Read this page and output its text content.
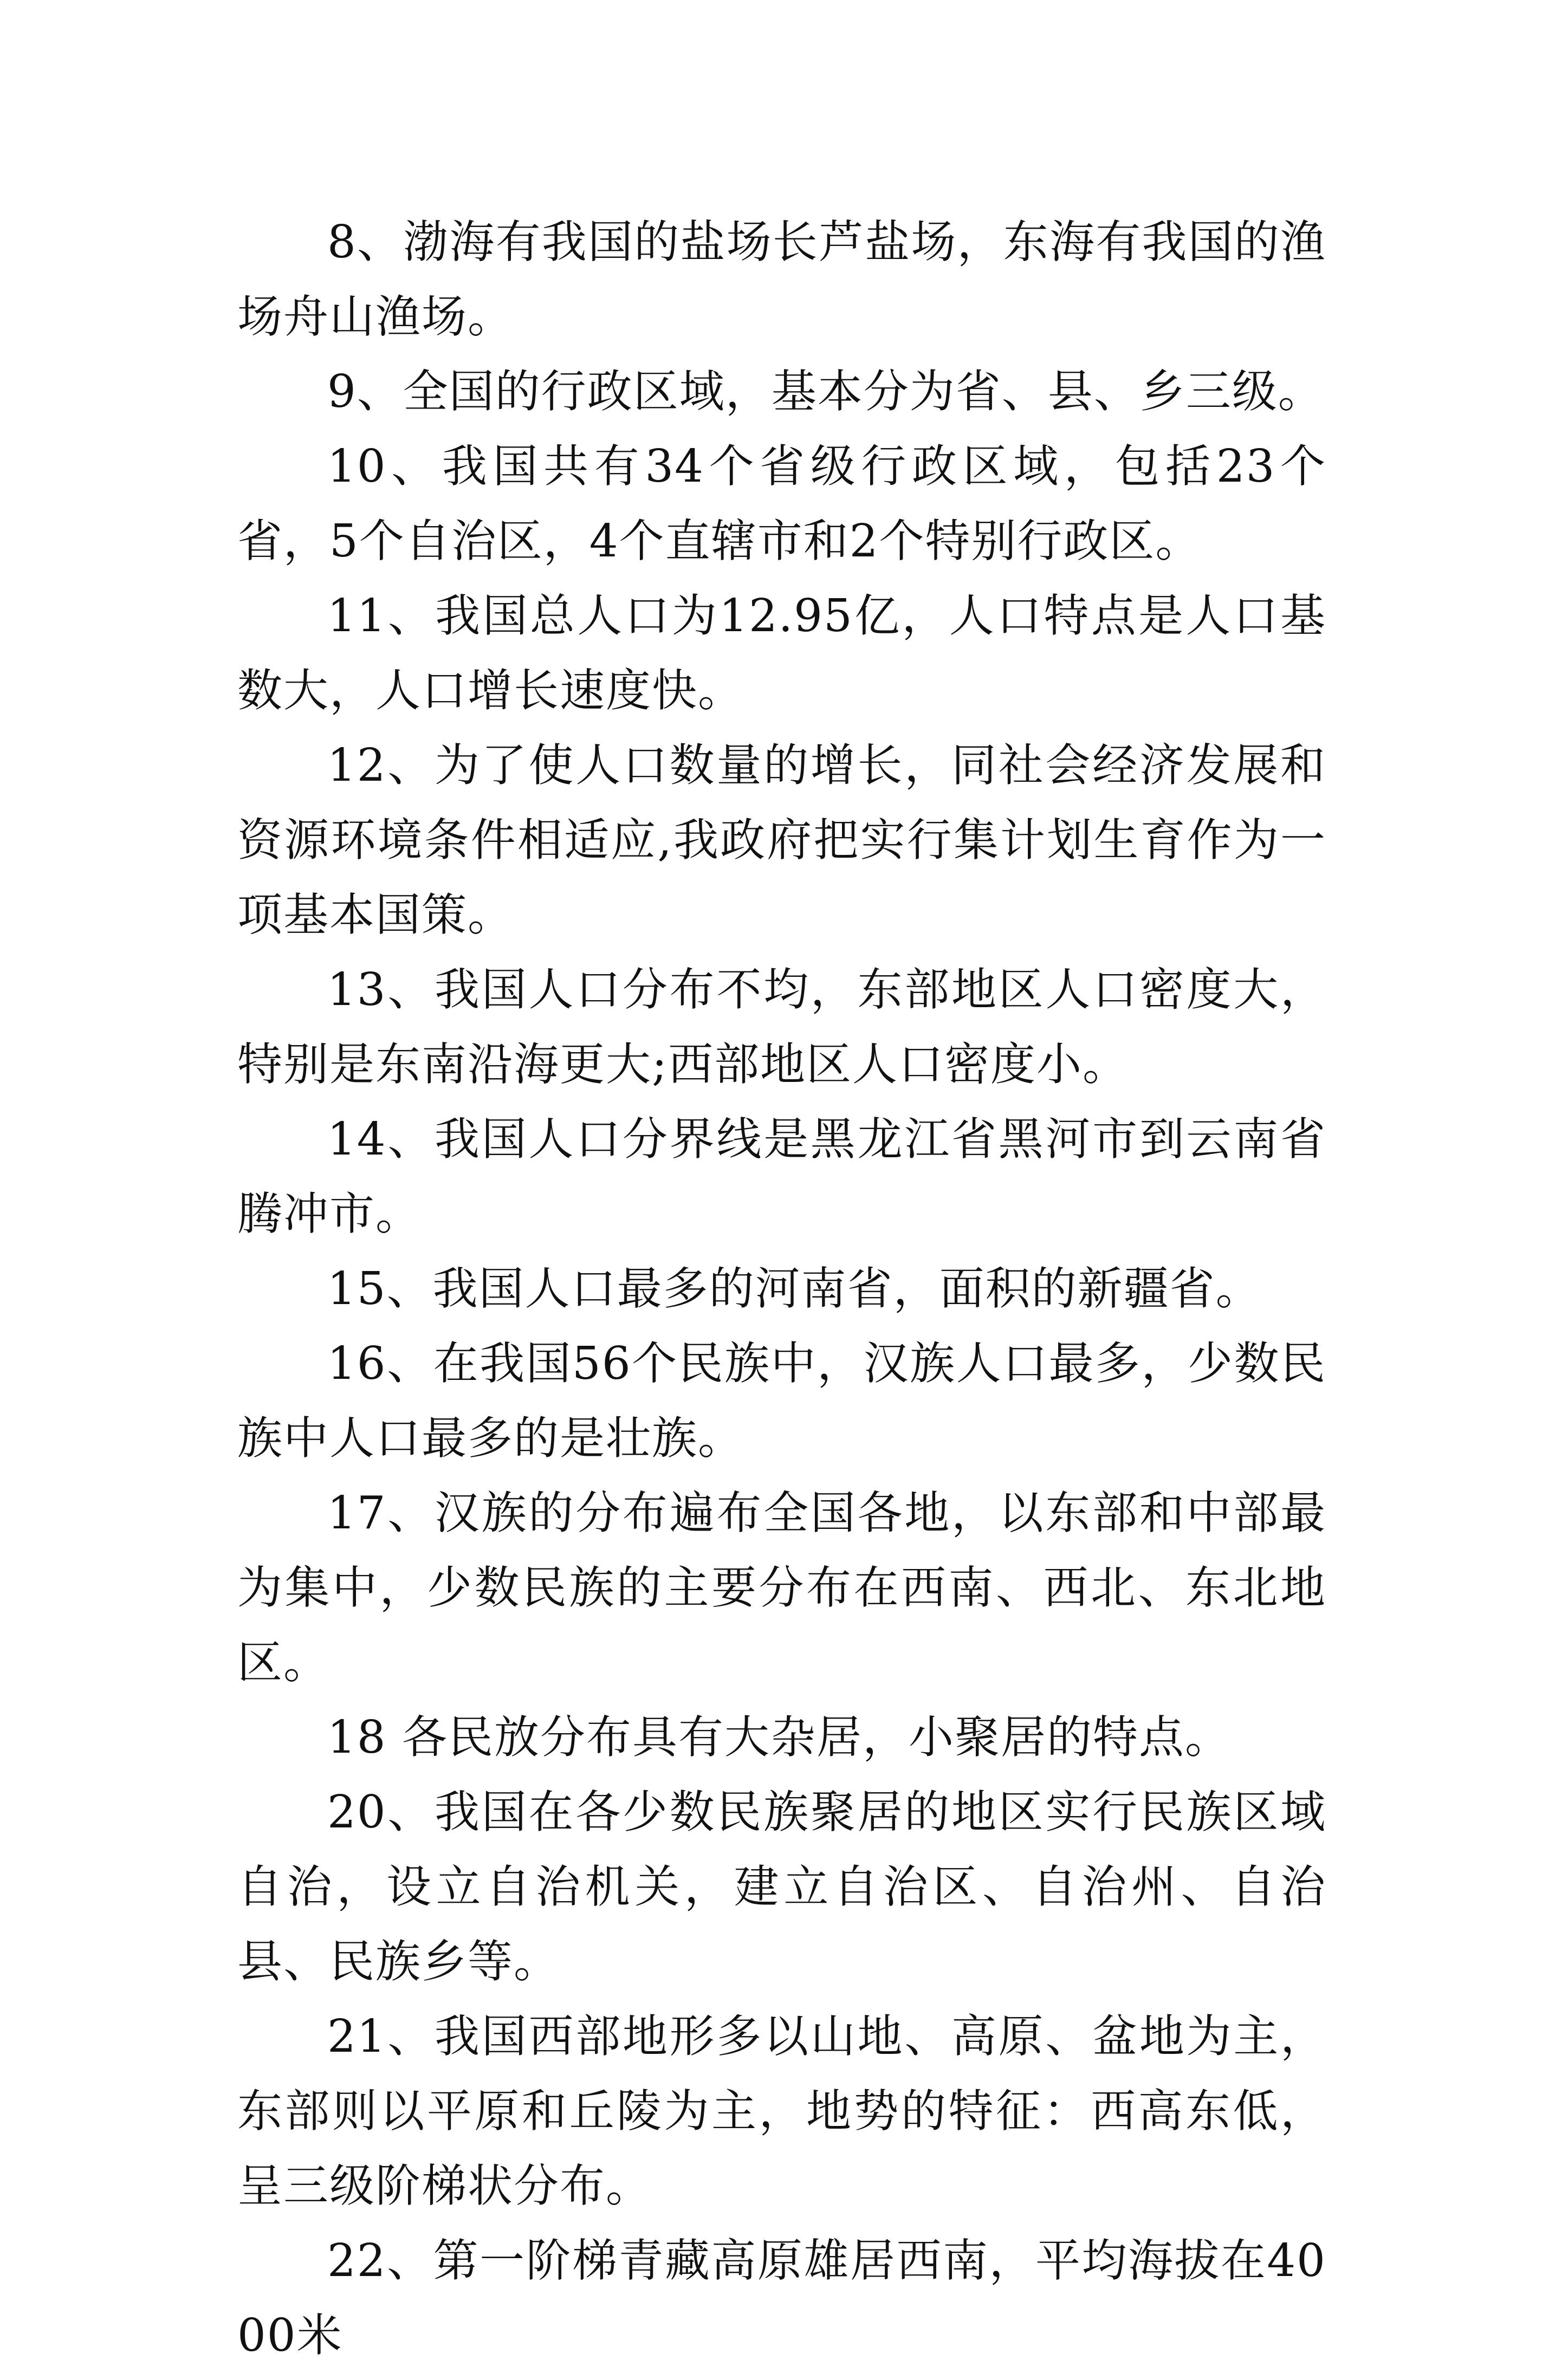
8、渤海有我国的盐场长芦盐场，东海有我国的渔场舟山渔场。

9、全国的行政区域，基本分为省、县、乡三级。

10、我国共有34个省级行政区域，包括23个省，5个自治区，4个直辖市和2个特别行政区。

11、我国总人口为12.95亿，人口特点是人口基数大，人口增长速度快。

12、为了使人口数量的增长，同社会经济发展和资源环境条件相适应,我政府把实行集计划生育作为一项基本国策。

13、我国人口分布不均，东部地区人口密度大，特别是东南沿海更大;西部地区人口密度小。

14、我国人口分界线是黑龙江省黑河市到云南省腾冲市。

15、我国人口最多的河南省，面积的新疆省。

16、在我国56个民族中，汉族人口最多，少数民族中人口最多的是壮族。

17、汉族的分布遍布全国各地，以东部和中部最为集中，少数民族的主要分布在西南、西北、东北地区。

18 各民放分布具有大杂居，小聚居的特点。

20、我国在各少数民族聚居的地区实行民族区域自治，设立自治机关，建立自治区、自治州、自治县、民族乡等。

21、我国西部地形多以山地、高原、盆地为主，东部则以平原和丘陵为主，地势的特征：西高东低，呈三级阶梯状分布。

22、第一阶梯青藏高原雄居西南，平均海拔在4000米
